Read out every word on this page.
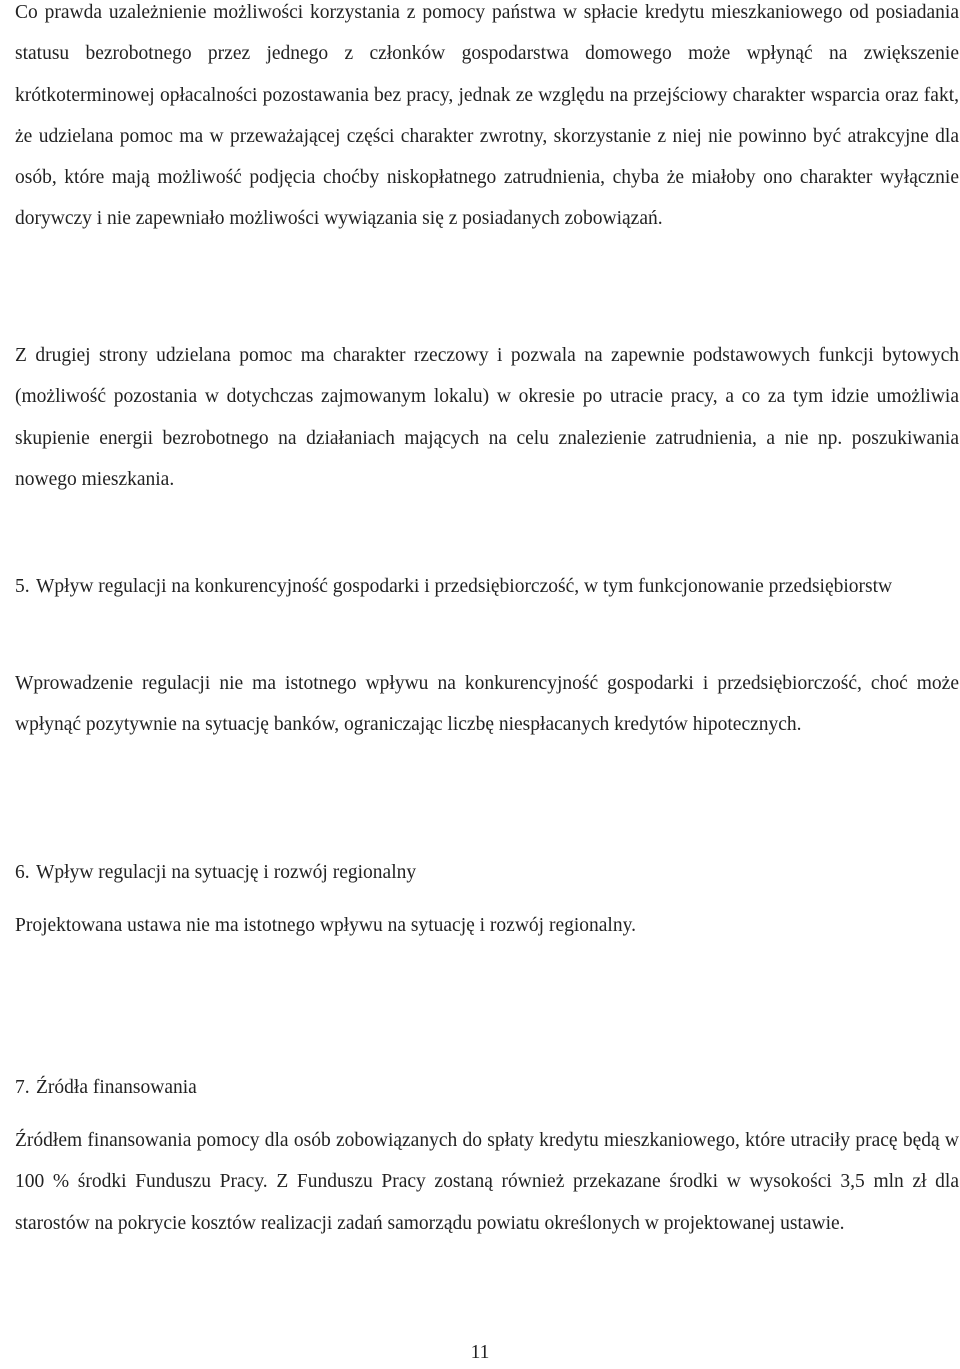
Co prawda uzależnienie możliwości korzystania z pomocy państwa w spłacie kredytu mieszkaniowego od posiadania statusu bezrobotnego przez jednego z członków gospodarstwa domowego może wpłynąć na zwiększenie krótkoterminowej opłacalności pozostawania bez pracy, jednak ze względu na przejściowy charakter wsparcia oraz fakt, że udzielana pomoc ma w przeważającej części charakter zwrotny, skorzystanie z niej nie powinno być atrakcyjne dla osób, które mają możliwość podjęcia choćby niskopłatnego zatrudnienia, chyba że miałoby ono charakter wyłącznie dorywczy i nie zapewniało możliwości wywiązania się z posiadanych zobowiązań.

Z drugiej strony udzielana pomoc ma charakter rzeczowy i pozwala na zapewnie podstawowych funkcji bytowych (możliwość pozostania w dotychczas zajmowanym lokalu) w okresie po utracie pracy, a co za tym idzie umożliwia skupienie energii bezrobotnego na działaniach mających na celu znalezienie zatrudnienia, a nie np. poszukiwania nowego mieszkania.

5. Wpływ regulacji na konkurencyjność gospodarki i przedsiębiorczość, w tym funkcjonowanie przedsiębiorstw

Wprowadzenie regulacji nie ma istotnego wpływu na konkurencyjność gospodarki i przedsiębiorczość, choć może wpłynąć pozytywnie na sytuację banków, ograniczając liczbę niespłacanych kredytów hipotecznych.

6. Wpływ regulacji na sytuację i rozwój regionalny

Projektowana ustawa nie ma istotnego wpływu na sytuację i rozwój regionalny.

7. Źródła finansowania

Źródłem finansowania pomocy dla osób zobowiązanych do spłaty kredytu mieszkaniowego, które utraciły pracę będą w 100 % środki Funduszu Pracy. Z Funduszu Pracy zostaną również przekazane środki w wysokości 3,5 mln zł dla starostów na pokrycie kosztów realizacji zadań samorządu powiatu określonych w projektowanej ustawie.

11
